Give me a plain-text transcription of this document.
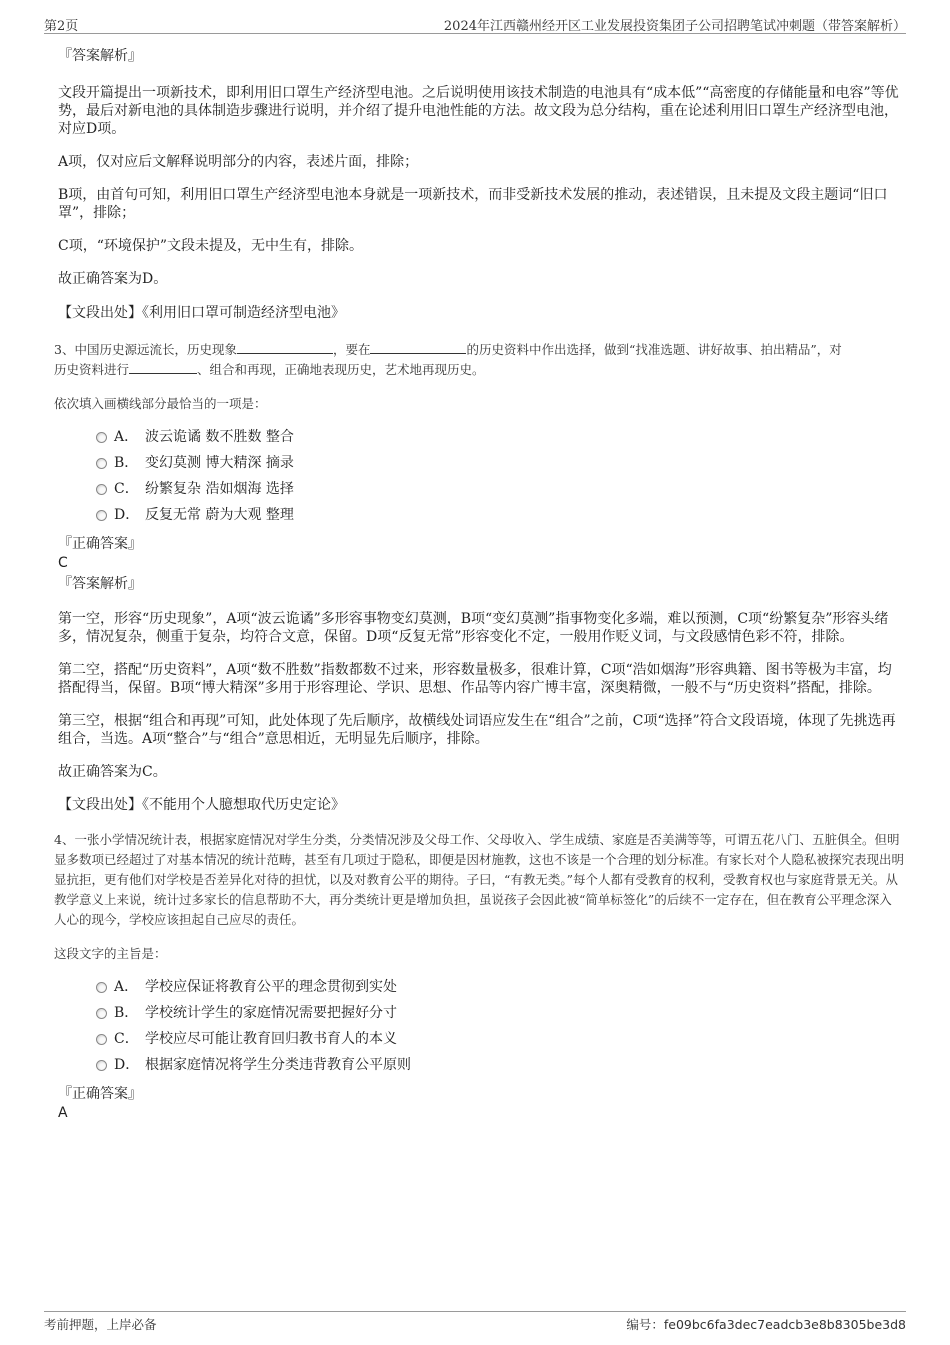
第2页	2024年江西赣州经开区工业发展投资集团子公司招聘笔试冲刺题（带答案解析）
『答案解析』
文段开篇提出一项新技术，即利用旧口罩生产经济型电池。之后说明使用该技术制造的电池具有“成本低”“高密度的存储能量和电容”等优势，最后对新电池的具体制造步骤进行说明，并介绍了提升电池性能的方法。故文段为总分结构，重在论述利用旧口罩生产经济型电池，对应D项。
A项，仅对应后文解释说明部分的内容，表述片面，排除；
B项，由首句可知，利用旧口罩生产经济型电池本身就是一项新技术，而非受新技术发展的推动，表述错误，且未提及文段主题词“旧口罩”，排除；
C项，“环境保护”文段未提及，无中生有，排除。
故正确答案为D。
【文段出处】《利用旧口罩可制造经济型电池》
3、中国历史源远流长，历史现象	，要在	的历史资料中作出选择，做到“找准选题、讲好故事、拍出精品”，对
历史资料进行	、组合和再现，正确地表现历史，艺术地再现历史。
依次填入画横线部分最恰当的一项是：
A． 波云诡谲 数不胜数 整合
B． 变幻莫测 博大精深 摘录
C． 纷繁复杂 浩如烟海 选择
D． 反复无常 蔚为大观 整理
『正确答案』
C
『答案解析』
第一空，形容“历史现象”，A项“波云诡谲”多形容事物变幻莫测，B项“变幻莫测”指事物变化多端，难以预测，C项“纷繁复杂”形容头绪多，情况复杂，侧重于复杂，均符合文意，保留。D项“反复无常”形容变化不定，一般用作贬义词，与文段感情色彩不符，排除。
第二空，搭配“历史资料”，A项“数不胜数”指数都数不过来，形容数量极多，很难计算，C项“浩如烟海”形容典籍、图书等极为丰富，均搭配得当，保留。B项“博大精深”多用于形容理论、学识、思想、作品等内容广博丰富，深奥精微，一般不与“历史资料”搭配，排除。
第三空，根据“组合和再现”可知，此处体现了先后顺序，故横线处词语应发生在“组合”之前，C项“选择”符合文段语境，体现了先挑选再组合，当选。A项“整合”与“组合”意思相近，无明显先后顺序，排除。
故正确答案为C。
【文段出处】《不能用个人臆想取代历史定论》
4、一张小学情况统计表，根据家庭情况对学生分类，分类情况涉及父母工作、父母收入、学生成绩、家庭是否美满等等，可谓五花八门、五脏俱全。但明显多数项已经超过了对基本情况的统计范畴，甚至有几项过于隐私，即便是因材施教，这也不该是一个合理的划分标准。有家长对个人隐私被探究表现出明显抗拒，更有他们对学校是否差异化对待的担忧，以及对教育公平的期待。子曰，“有教无类。”每个人都有受教育的权利，受教育权也与家庭背景无关。从教学意义上来说，统计过多家长的信息帮助不大，再分类统计更是增加负担，虽说孩子会因此被“简单标签化”的后续不一定存在，但在教育公平理念深入人心的现今，学校应该担起自己应尽的责任。
这段文字的主旨是：
A． 学校应保证将教育公平的理念贯彻到实处
B． 学校统计学生的家庭情况需要把握好分寸
C． 学校应尽可能让教育回归教书育人的本义
D． 根据家庭情况将学生分类违背教育公平原则
『正确答案』
A
考前押题，上岸必备	编号：fe09bc6fa3dec7eadcb3e8b8305be3d8
